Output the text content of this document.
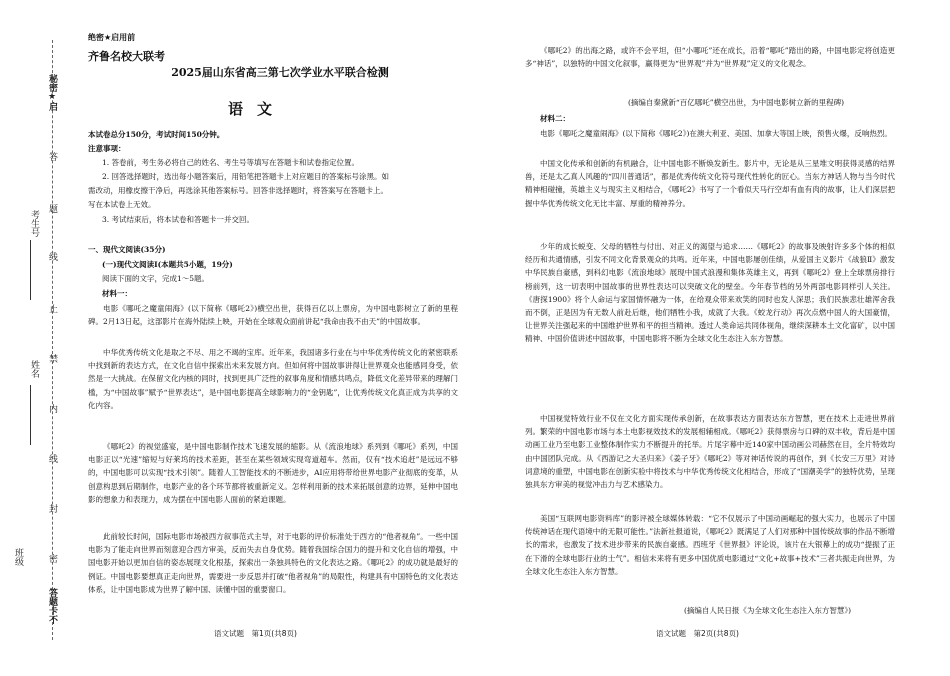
秘密★启
答
题
线
止
禁
内
线
封
密
答题卡不
考生号
姓名
班级
绝密★启用前
齐鲁名校大联考
2025届山东省高三第七次学业水平联合检测
语文
本试卷总分150分，考试时间150分钟。
注意事项：
1. 答卷前，考生务必将自己的姓名、考生号等填写在答题卡和试卷指定位置。
2. 回答选择题时，选出每小题答案后，用铅笔把答题卡上对应题目的答案标号涂黑。如
需改动，用橡皮擦干净后，再选涂其他答案标号。回答非选择题时，将答案写在答题卡上。
写在本试卷上无效。
3. 考试结束后，将本试卷和答题卡一并交回。
一、现代文阅读(35分)
(一)现代文阅读Ⅰ(本题共5小题，19分)
阅读下面的文字，完成1～5题。
材料一：
电影《哪吒之魔童闹海》(以下简称《哪吒2》)横空出世，获得百亿以上票房，为中国电影树立了新的里程碑。2月13日起，这部影片在海外陆续上映，开始在全球观众面前讲起“我命由我不由天”的中国故事。
中华优秀传统文化是取之不尽、用之不竭的宝库。近年来，我国诸多行业在与中华优秀传统文化的紧密联系中找到新的表达方式，在文化自信中探索出未来发展方向。但如何将中国故事讲得让世界观众也能感同身受，依然是一大挑战。在保留文化内核的同时，找到更具广泛性的叙事角度和情感共鸣点，降低文化差异带来的理解门槛，为“中国故事”赋予“世界表达”，是中国电影提高全球影响力的“金钥匙”，让优秀传统文化真正成为共享的文化内容。
《哪吒2》的视觉盛宴，是中国电影制作技术飞速发展的缩影。从《流浪地球》系列到《哪吒》系列，中国电影正以“光速”缩短与好莱坞的技术差距，甚至在某些领域实现弯道超车。然而，仅有“技术追赶”是远远不够的，中国电影可以实现“技术引领”。随着人工智能技术的不断进步，AI应用将带给世界电影产业彻底的变革，从创意构思到后期制作，电影产业的各个环节都将被重新定义。怎样利用新的技术来拓展创意的边界，延伸中国电影的想象力和表现力，成为摆在中国电影人面前的紧迫课题。
此前较长时间，国际电影市场被西方叙事范式主导，对于电影的评价标准处于西方的“他者视角”。一些中国电影为了能走向世界而刻意迎合西方审美，反而失去自身优势。随着我国综合国力的提升和文化自信的增强，中国电影开始以更加自信的姿态展现文化根基，探索出一条独具特色的文化表达之路。《哪吒2》的成功就是最好的例证。中国电影要想真正走向世界，需要进一步反思并打破“他者视角”的局限性，构建具有中国特色的文化表达体系，让中国电影成为世界了解中国、读懂中国的重要窗口。
《哪吒2》的出海之路，或许不会平坦，但“小哪吒”还在成长，沿着“哪吒”踏出的路，中国电影定将创造更多“神话”，以独特的中国文化叙事，赢得更为“世界观”并为“世界观”定义的文化观念。
(摘编自秦黛新“百亿哪吒”横空出世，为中国电影树立新的里程碑)
材料二：
电影《哪吒之魔童闹海》(以下简称《哪吒2》)在澳大利亚、美国、加拿大等国上映，预售火爆，反响热烈。
中国文化传承和创新的有机融合，让中国电影不断焕发新生。影片中，无论是从三星堆文明获得灵感的结界兽，还是太乙真人风趣的“四川普通话”，都是优秀传统文化符号现代性转化的匠心。当东方神话人物与当今时代精神相碰撞，英雄主义与现实主义相结合，《哪吒2》书写了一个看似天马行空却有血有肉的故事，让人们深层把握中华优秀传统文化无比丰富、厚重的精神养分。
少年的成长蜕变、父母的牺牲与付出、对正义的渴望与追求……《哪吒2》的故事及映射许多多个体的相似经历和共通情感，引发不同文化背景观众的共鸣。近年来，中国电影屡创佳绩，从爱国主义影片《战狼Ⅱ》激发中华民族自豪感，到科幻电影《流浪地球》展现中国式浪漫和集体英雄主义，再到《哪吒2》登上全球票房排行榜前列，这一切表明中国故事的世界性表达可以突破文化的壁垒。今年春节档的另外两部电影同样引人关注。《唐探1900》将个人命运与家国情怀融为一体，在给观众带来欢笑的同时也发人深思；我们民族悲壮雄浑舍我而不倒，正是因为有无数人前赴后继，他们牺牲小我，成就了大我。《蛟龙行动》再次点燃中国人的大国豪情，让世界关注强起来的中国维护世界和平的担当精神。透过人类命运共同体视角，继续深耕本土文化富矿，以中国精神、中国价值讲述中国故事，中国电影将不断为全球文化生态注入东方智慧。
中国视觉特效行业不仅在文化方面实现传承创新，在故事表达方面表达东方智慧，更在技术上走进世界前列。繁荣的中国电影市场与本土电影视效技术的发展相辅相成。《哪吒2》获得票房与口碑的双丰收，背后是中国动画工业乃至电影工业整体制作实力不断提升的托举。片尾字幕中近140家中国动画公司赫然在目，全片特效均由中国团队完成。从《西游记之大圣归来》《姜子牙》《哪吒2》等对神话传说的再创作，到《长安三万里》对诗词意境的重塑，中国电影在创新实验中将技术与中华优秀传统文化相结合，形成了“国潮美学”的独特优势，呈现独具东方审美的视觉冲击力与艺术感染力。
美国“互联网电影资料库”的影评被全球媒体转载：“它不仅展示了中国动画崛起的强大实力，也展示了中国传统神话在现代语境中的无限可能性。”法新社报道说，《哪吒2》既满足了人们对那种中国传统故事的作品不断增长的需求，也激发了技术进步带来的民族自豪感。西班牙《世界报》评论说，该片在大银幕上的成功“提振了正在下滑的全球电影行业的士气”。相信未来将有更多中国优质电影通过“文化+故事+技术”三者共振走向世界，为全球文化生态注入东方智慧。
(摘编自人民日报《为全球文化生态注入东方智慧》)
语文试题　第1页(共8页)	语文试题　第2页(共8页)
